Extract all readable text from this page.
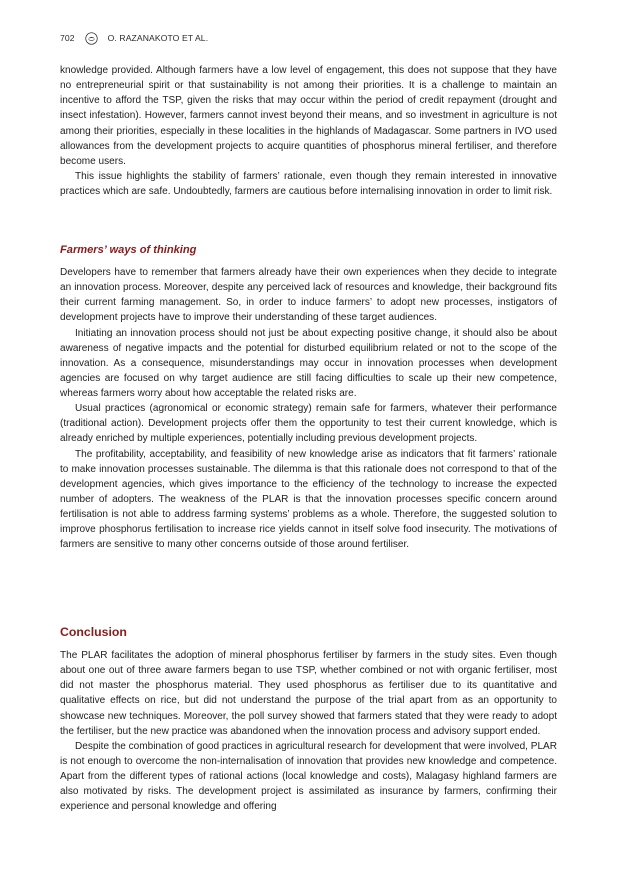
702	O. RAZANAKOTO ET AL.

knowledge provided. Although farmers have a low level of engagement, this does not suppose that they have no entrepreneurial spirit or that sustainability is not among their priorities. It is a challenge to maintain an incentive to afford the TSP, given the risks that may occur within the period of credit repayment (drought and insect infestation). However, farmers cannot invest beyond their means, and so investment in agriculture is not among their priorities, especially in these localities in the highlands of Madagascar. Some partners in IVO used allowances from the development projects to acquire quantities of phosphorus mineral fertiliser, and therefore become users.

This issue highlights the stability of farmers’ rationale, even though they remain interested in innovative practices which are safe. Undoubtedly, farmers are cautious before internalising innovation in order to limit risk.

Farmers’ ways of thinking

Developers have to remember that farmers already have their own experiences when they decide to integrate an innovation process. Moreover, despite any perceived lack of resources and knowledge, their background fits their current farming management. So, in order to induce farmers’ to adopt new processes, instigators of development projects have to improve their understanding of these target audiences.

Initiating an innovation process should not just be about expecting positive change, it should also be about awareness of negative impacts and the potential for disturbed equilibrium related or not to the scope of the innovation. As a consequence, misunderstandings may occur in innovation processes when development agencies are focused on why target audience are still facing difficulties to scale up their new competence, whereas farmers worry about how acceptable the related risks are.

Usual practices (agronomical or economic strategy) remain safe for farmers, whatever their performance (traditional action). Development projects offer them the opportunity to test their current knowledge, which is already enriched by multiple experiences, potentially including previous development projects.

The profitability, acceptability, and feasibility of new knowledge arise as indicators that fit farmers’ rationale to make innovation processes sustainable. The dilemma is that this rationale does not correspond to that of the development agencies, which gives importance to the efficiency of the technology to increase the expected number of adopters. The weakness of the PLAR is that the innovation processes specific concern around fertilisation is not able to address farming systems’ problems as a whole. Therefore, the suggested solution to improve phosphorus fertilisation to increase rice yields cannot in itself solve food insecurity. The motivations of farmers are sensitive to many other concerns outside of those around fertiliser.

Conclusion

The PLAR facilitates the adoption of mineral phosphorus fertiliser by farmers in the study sites. Even though about one out of three aware farmers began to use TSP, whether combined or not with organic fertiliser, most did not master the phosphorus material. They used phosphorus as fertiliser due to its quantitative and qualitative effects on rice, but did not understand the purpose of the trial apart from as an opportunity to showcase new techniques. Moreover, the poll survey showed that farmers stated that they were ready to adopt the fertiliser, but the new practice was abandoned when the innovation process and advisory support ended.

Despite the combination of good practices in agricultural research for development that were involved, PLAR is not enough to overcome the non-internalisation of innovation that provides new knowledge and competence. Apart from the different types of rational actions (local knowledge and costs), Malagasy highland farmers are also motivated by risks. The development project is assimilated as insurance by farmers, confirming their experience and personal knowledge and offering
